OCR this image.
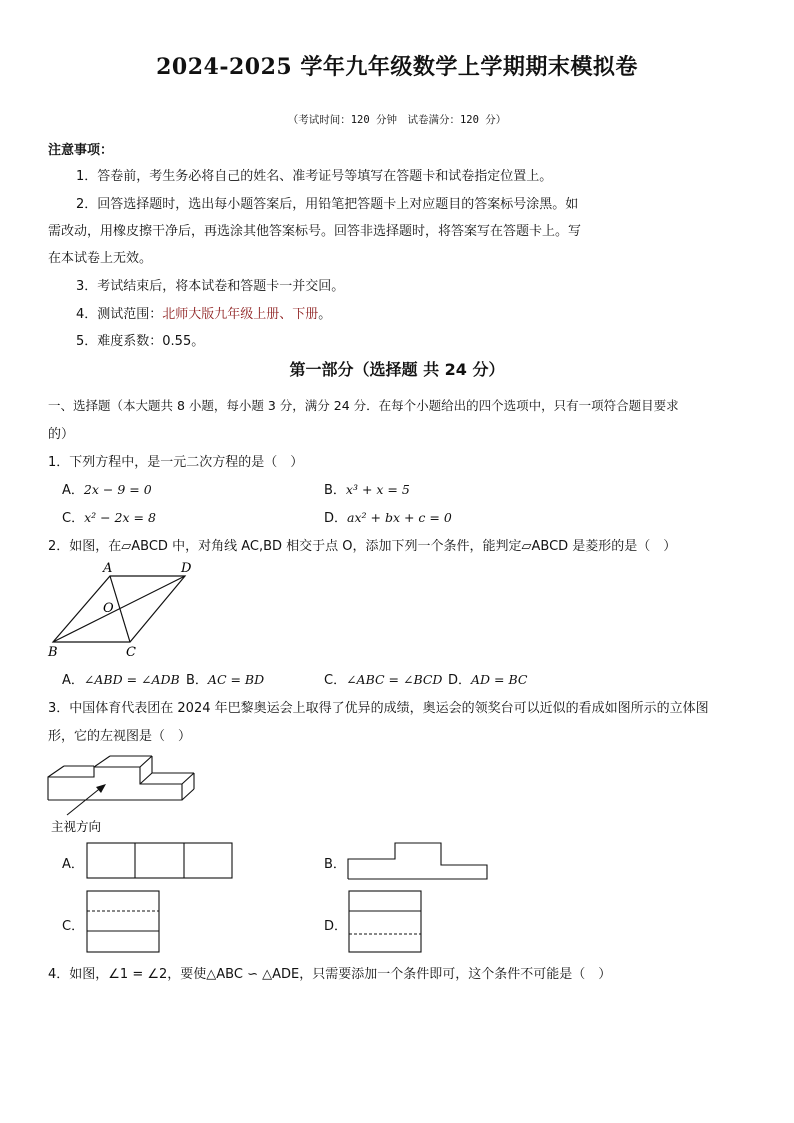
2024-2025 学年九年级数学上学期期末模拟卷
（考试时间：120 分钟　试卷满分：120 分）
注意事项：
1．答卷前，考生务必将自己的姓名、准考证号等填写在答题卡和试卷指定位置上。
2．回答选择题时，选出每小题答案后，用铅笔把答题卡上对应题目的答案标号涂黑。如
需改动，用橡皮擦干净后，再选涂其他答案标号。回答非选择题时，将答案写在答题卡上。写
在本试卷上无效。
3．考试结束后，将本试卷和答题卡一并交回。
4．测试范围：北师大版九年级上册、下册。
5．难度系数：0.55。
第一部分（选择题 共 24 分）
一、选择题（本大题共 8 小题，每小题 3 分，满分 24 分．在每个小题给出的四个选项中，只有一项符合题目要求
的）
1．下列方程中，是一元二次方程的是（　）
A．2x − 9 = 0	B．x³ + x = 5
C．x² − 2x = 8	D．ax² + bx + c = 0
2．如图，在▱ABCD 中，对角线 AC,BD 相交于点 O，添加下列一个条件，能判定▱ABCD 是菱形的是（　）
A	D
B	C
O
A．∠ABD = ∠ADB B．AC = BD	C．∠ABC = ∠BCD D．AD = BC
3．中国体育代表团在 2024 年巴黎奥运会上取得了优异的成绩，奥运会的领奖台可以近似的看成如图所示的立体图
形，它的左视图是（　）
主视方向
A．	B．
C．	D．
4．如图，∠1 = ∠2，要使△ABC ∽ △ADE，只需要添加一个条件即可，这个条件不可能是（　）
